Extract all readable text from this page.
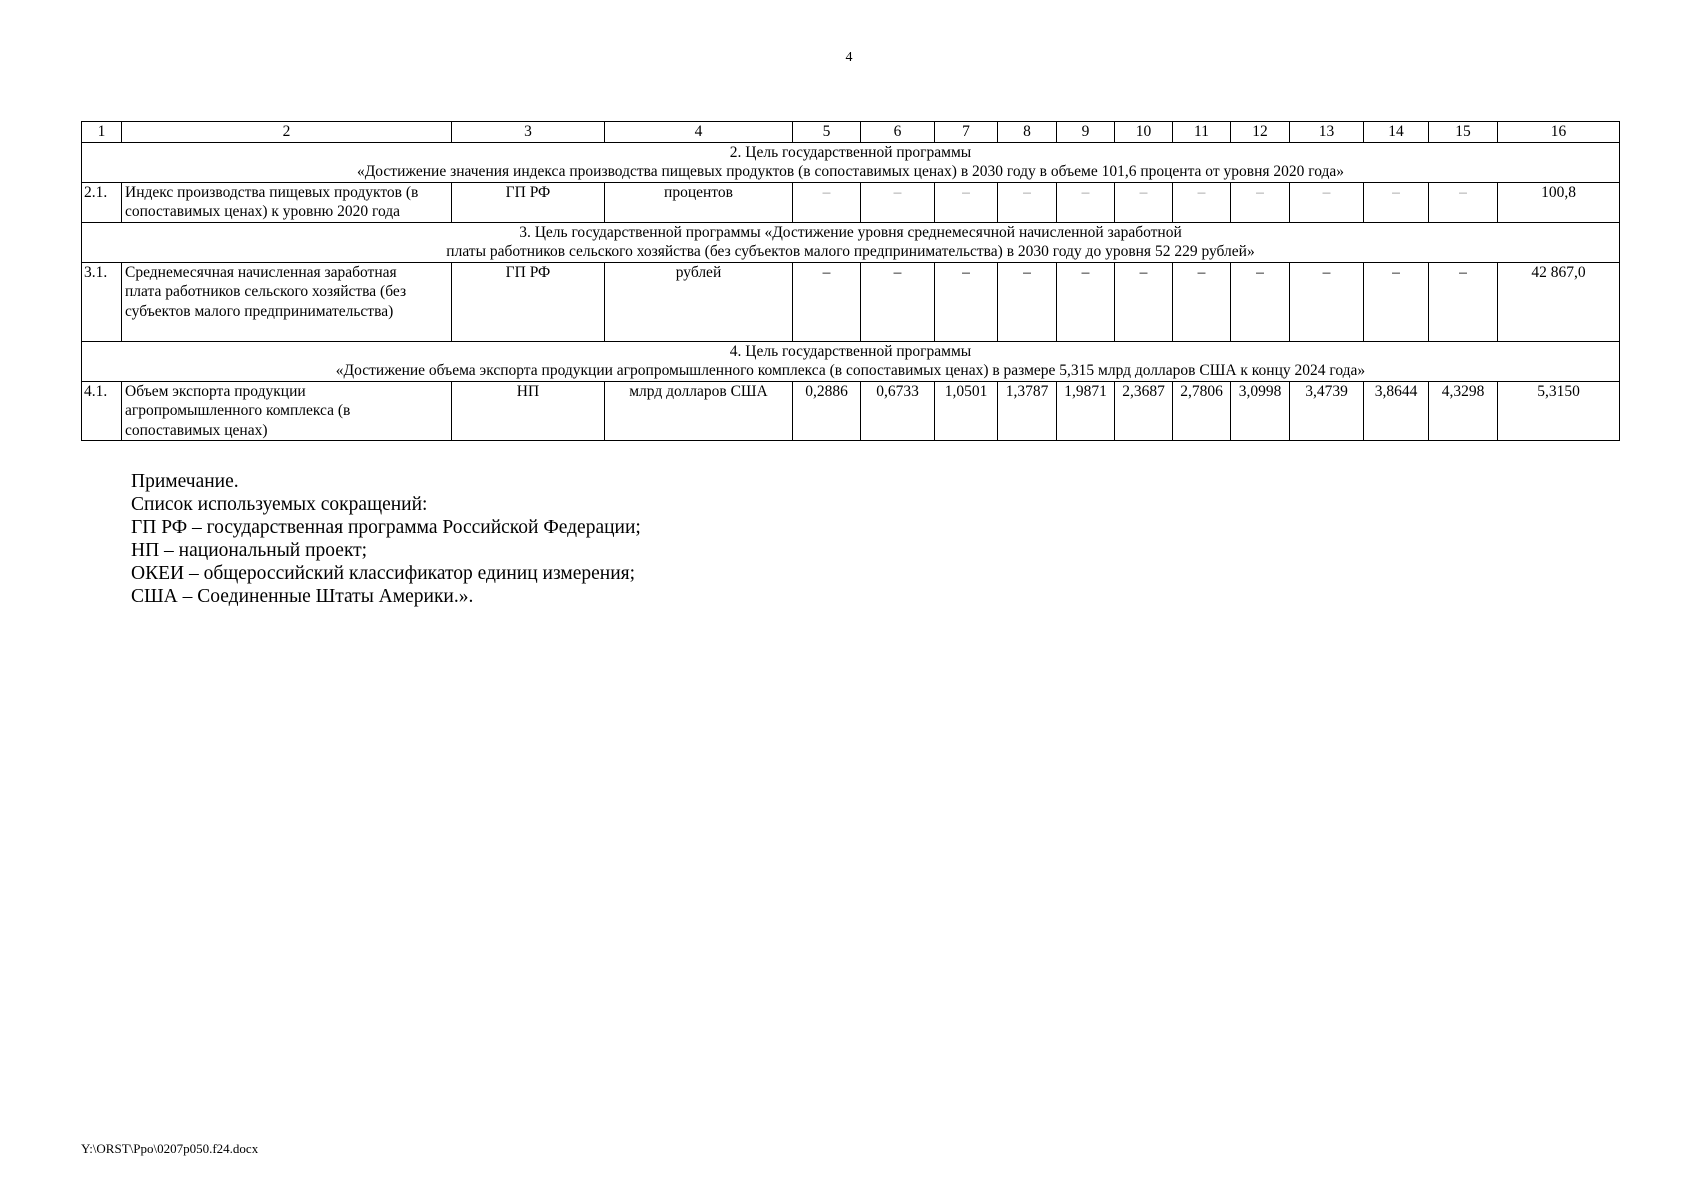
4
1	2	3	4	5	6	7	8	9	10	11	12	13	14	15	16

2. Цель государственной программы
«Достижение значения индекса производства пищевых продуктов (в сопоставимых ценах) в 2030 году в объеме 101,6 процента от уровня 2020 года»															

2.1.	Индекс производства пищевых продуктов (в сопоставимых ценах) к уровню 2020 года	ГП РФ	процентов	–	–	–	–	–	–	–	–	–	–	–	100,8

3. Цель государственной программы «Достижение уровня среднемесячной начисленной заработной
платы работников сельского хозяйства (без субъектов малого предпринимательства) в 2030 году до уровня 52 229 рублей»															

3.1.	Среднемесячная начисленная заработная плата работников сельского хозяйства (без субъектов малого предпринимательства)	ГП РФ	рублей	–	–	–	–	–	–	–	–	–	–	–	42 867,0

4. Цель государственной программы
«Достижение объема экспорта продукции агропромышленного комплекса (в сопоставимых ценах) в размере 5,315 млрд долларов США к концу 2024 года»															

4.1.	Объем экспорта продукции агропромышленного комплекса (в сопоставимых ценах)	НП	млрд долларов США	0,2886	0,6733	1,0501	1,3787	1,9871	2,3687	2,7806	3,0998	3,4739	3,8644	4,3298	5,3150
Примечание.
Список используемых сокращений:
ГП РФ – государственная программа Российской Федерации;
НП – национальный проект;
ОКЕИ – общероссийский классификатор единиц измерения;
США – Соединенные Штаты Америки.».
Y:\ORST\Ppo\0207p050.f24.docx
